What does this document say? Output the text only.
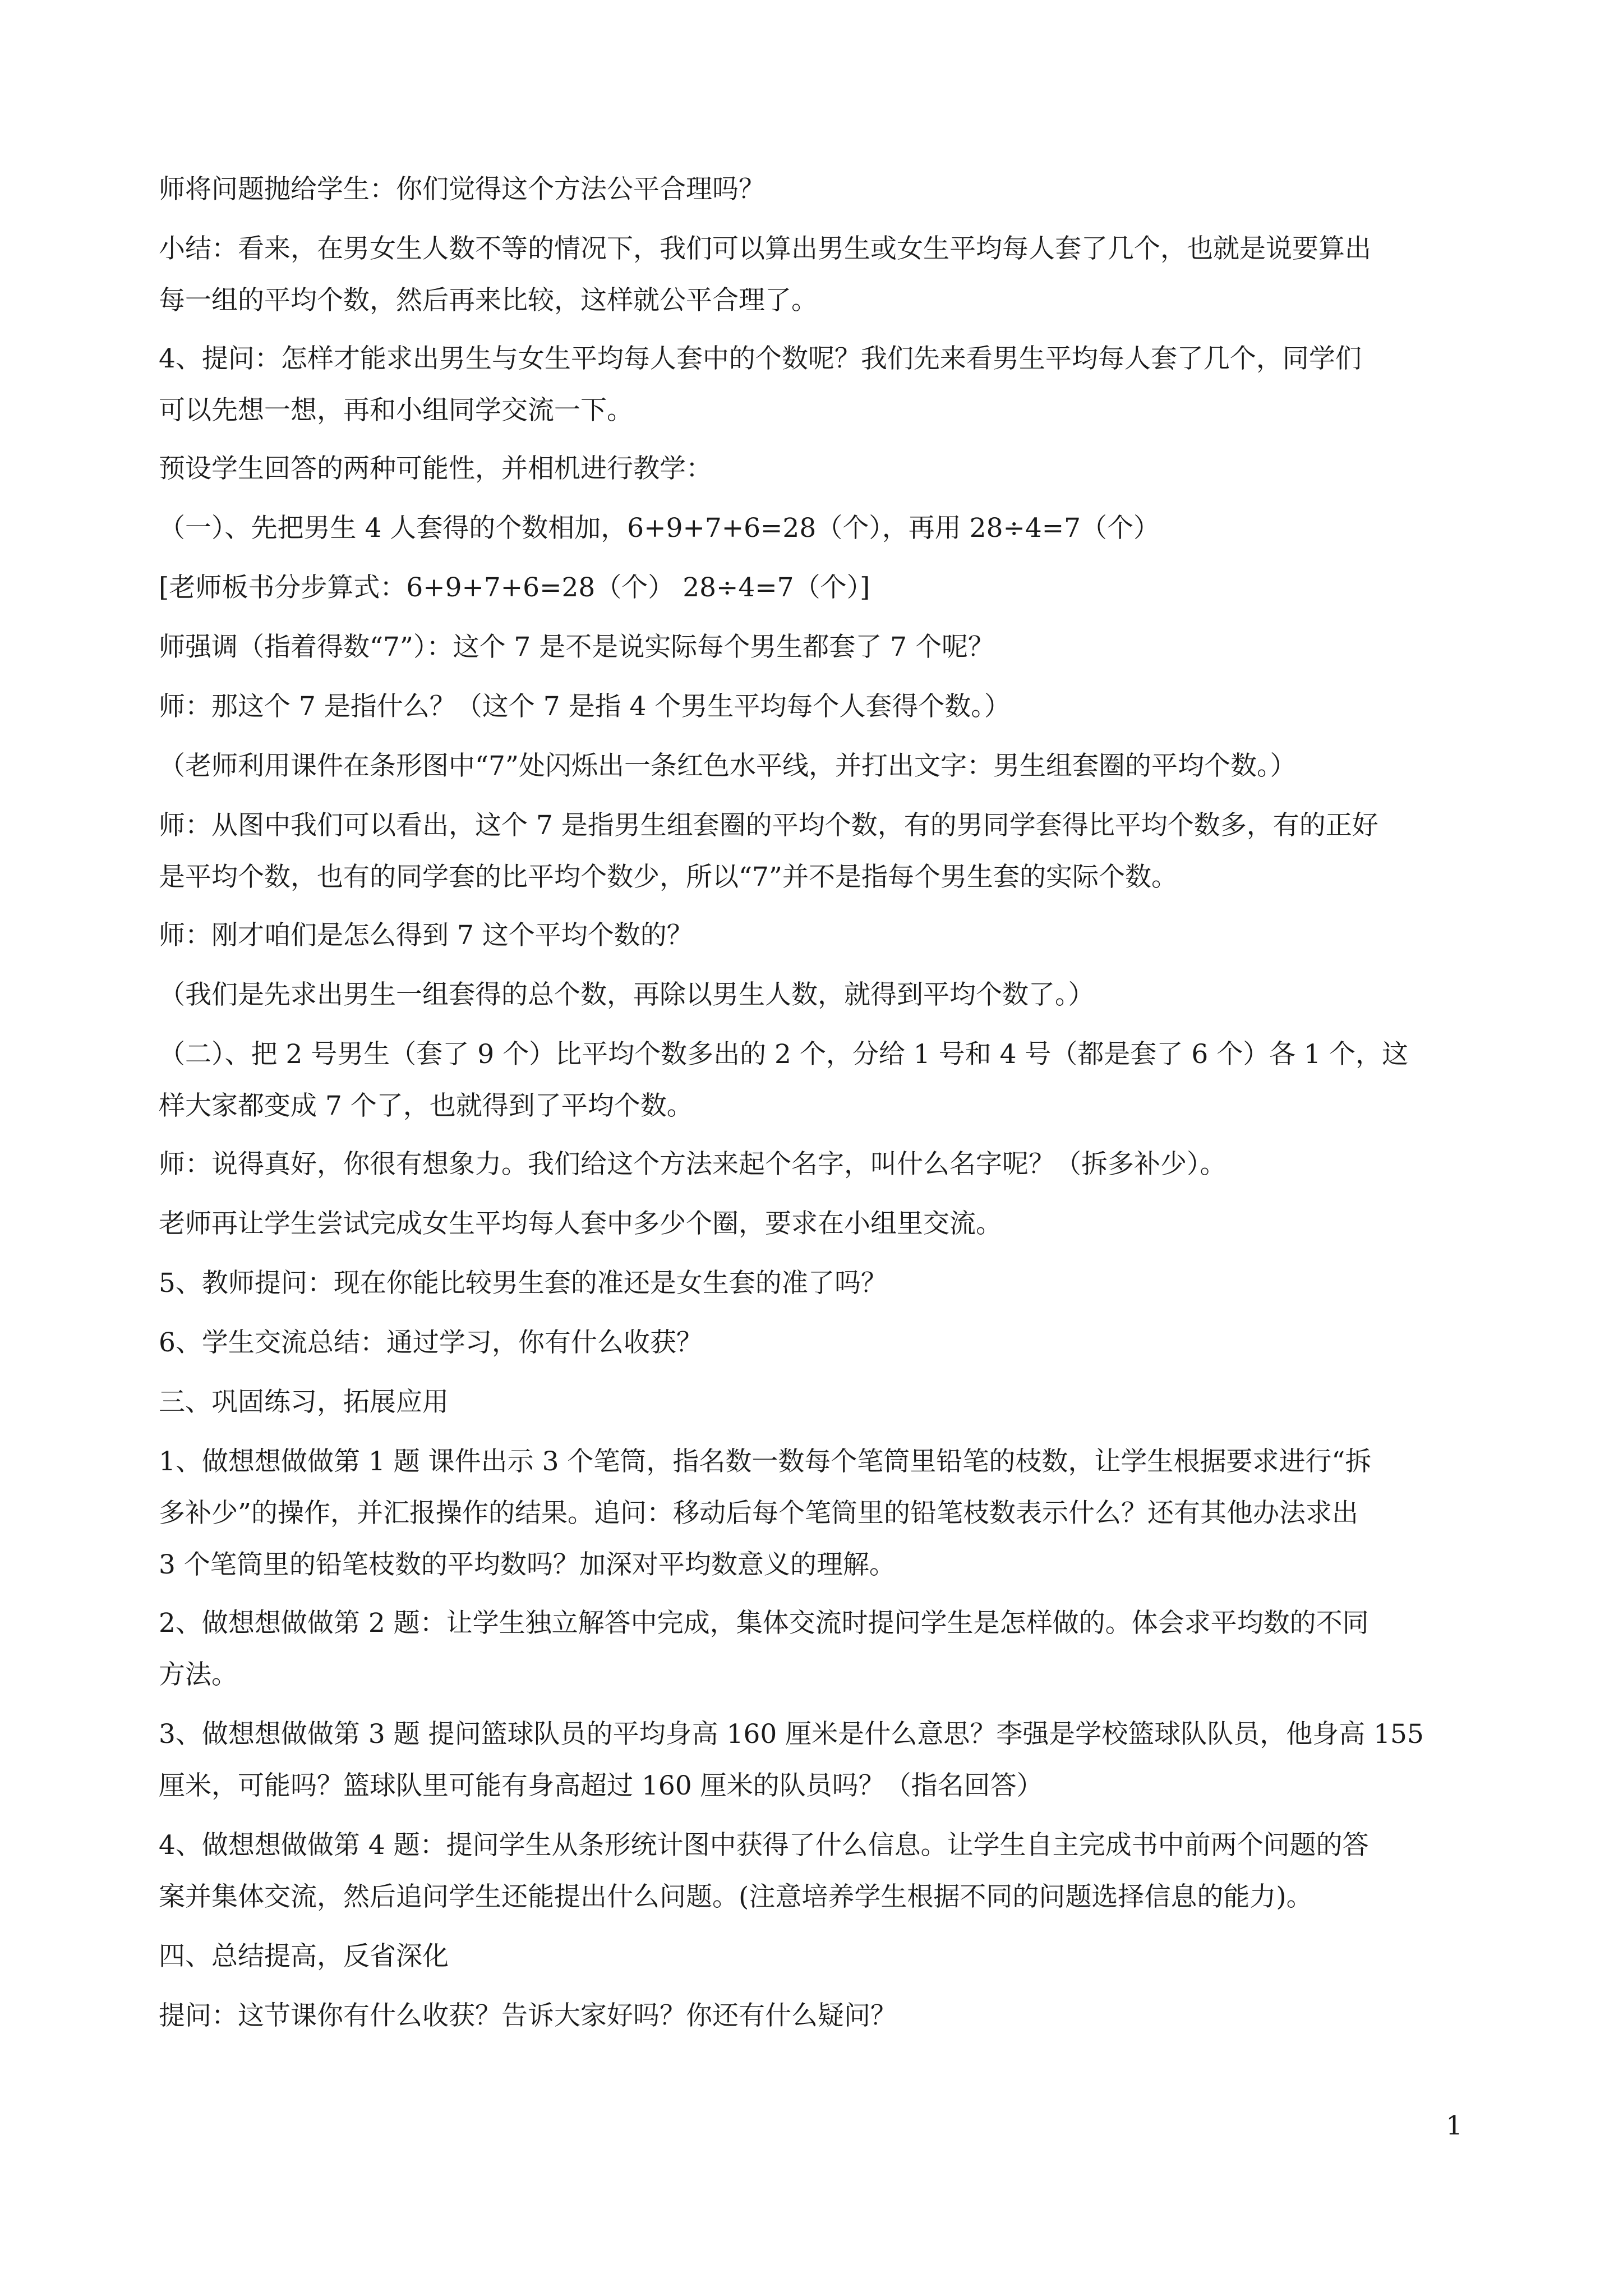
师将问题抛给学生：你们觉得这个方法公平合理吗？
小结：看来，在男女生人数不等的情况下，我们可以算出男生或女生平均每人套了几个，也就是说要算出
每一组的平均个数，然后再来比较，这样就公平合理了。
4、提问：怎样才能求出男生与女生平均每人套中的个数呢？我们先来看男生平均每人套了几个，同学们
可以先想一想，再和小组同学交流一下。
预设学生回答的两种可能性，并相机进行教学：
（一）、先把男生 4 人套得的个数相加，6+9+7+6=28（个），再用 28÷4=7（个）
[老师板书分步算式：6+9+7+6=28（个） 28÷4=7（个）]
师强调（指着得数“7”）：这个 7 是不是说实际每个男生都套了 7 个呢？
师：那这个 7 是指什么？（这个 7 是指 4 个男生平均每个人套得个数。）
（老师利用课件在条形图中“7”处闪烁出一条红色水平线，并打出文字：男生组套圈的平均个数。）
师：从图中我们可以看出，这个 7 是指男生组套圈的平均个数，有的男同学套得比平均个数多，有的正好
是平均个数，也有的同学套的比平均个数少，所以“7”并不是指每个男生套的实际个数。
师：刚才咱们是怎么得到 7 这个平均个数的？
（我们是先求出男生一组套得的总个数，再除以男生人数，就得到平均个数了。）
（二）、把 2 号男生（套了 9 个）比平均个数多出的 2 个，分给 1 号和 4 号（都是套了 6 个）各 1 个，这
样大家都变成 7 个了，也就得到了平均个数。
师：说得真好，你很有想象力。我们给这个方法来起个名字，叫什么名字呢？（拆多补少）。
老师再让学生尝试完成女生平均每人套中多少个圈，要求在小组里交流。
5、教师提问：现在你能比较男生套的准还是女生套的准了吗？
6、学生交流总结：通过学习，你有什么收获？
三、巩固练习，拓展应用
1、做想想做做第 1 题 课件出示 3 个笔筒，指名数一数每个笔筒里铅笔的枝数，让学生根据要求进行“拆
多补少”的操作，并汇报操作的结果。追问：移动后每个笔筒里的铅笔枝数表示什么？还有其他办法求出
3 个笔筒里的铅笔枝数的平均数吗？加深对平均数意义的理解。
2、做想想做做第 2 题：让学生独立解答中完成，集体交流时提问学生是怎样做的。体会求平均数的不同
方法。
3、做想想做做第 3 题 提问篮球队员的平均身高 160 厘米是什么意思？李强是学校篮球队队员，他身高 155
厘米，可能吗？篮球队里可能有身高超过 160 厘米的队员吗？（指名回答）
4、做想想做做第 4 题：提问学生从条形统计图中获得了什么信息。让学生自主完成书中前两个问题的答
案并集体交流，然后追问学生还能提出什么问题。(注意培养学生根据不同的问题选择信息的能力)。
四、总结提高，反省深化
提问：这节课你有什么收获？告诉大家好吗？你还有什么疑问？
1
